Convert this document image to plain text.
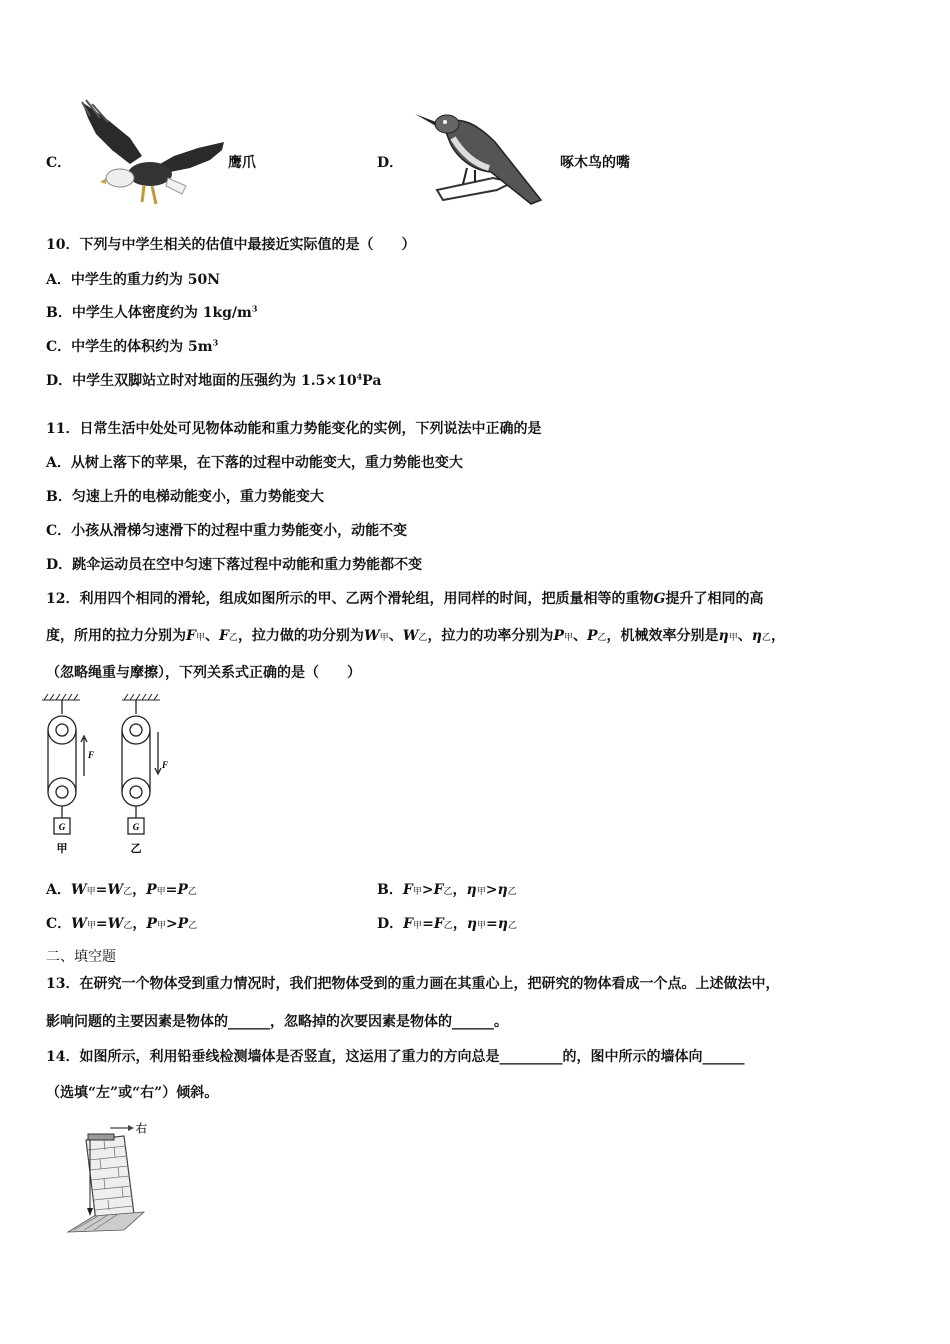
C．	鹰爪	D．	啄木鸟的嘴
10．下列与中学生相关的估值中最接近实际值的是（　　）
A．中学生的重力约为 50N
B．中学生人体密度约为 $1kg/m^3$
C．中学生的体积约为 $5m^3$
D．中学生双脚站立时对地面的压强约为 $1.5\times 10^4Pa$
11．日常生活中处处可见物体动能和重力势能变化的实例，下列说法中正确的是
A．从树上落下的苹果，在下落的过程中动能变大，重力势能也变大
B．匀速上升的电梯动能变小，重力势能变大
C．小孩从滑梯匀速滑下的过程中重力势能变小，动能不变
D．跳伞运动员在空中匀速下落过程中动能和重力势能都不变
12．利用四个相同的滑轮，组成如图所示的甲、乙两个滑轮组，用同样的时间，把质量相等的重物G提升了相同的高
度，所用的拉力分别为F甲、F乙，拉力做的功分别为W甲、W乙，拉力的功率分别为P甲、P乙，机械效率分别是η甲、η乙，
（忽略绳重与摩擦），下列关系式正确的是（　　）
G
F
甲
G
F
乙
A．W甲=W乙，P甲=P乙	B．F甲>F乙，η甲>η乙
C．W甲=W乙，P甲>P乙	D．F甲=F乙，η甲=η乙
二、填空题
13．在研究一个物体受到重力情况时，我们把物体受到的重力画在其重心上，把研究的物体看成一个点。上述做法中，
影响问题的主要因素是物体的______，忽略掉的次要因素是物体的______。
14．如图所示，利用铅垂线检测墙体是否竖直，这运用了重力的方向总是_________的，图中所示的墙体向______
（选填“左”或“右”）倾斜。
右
